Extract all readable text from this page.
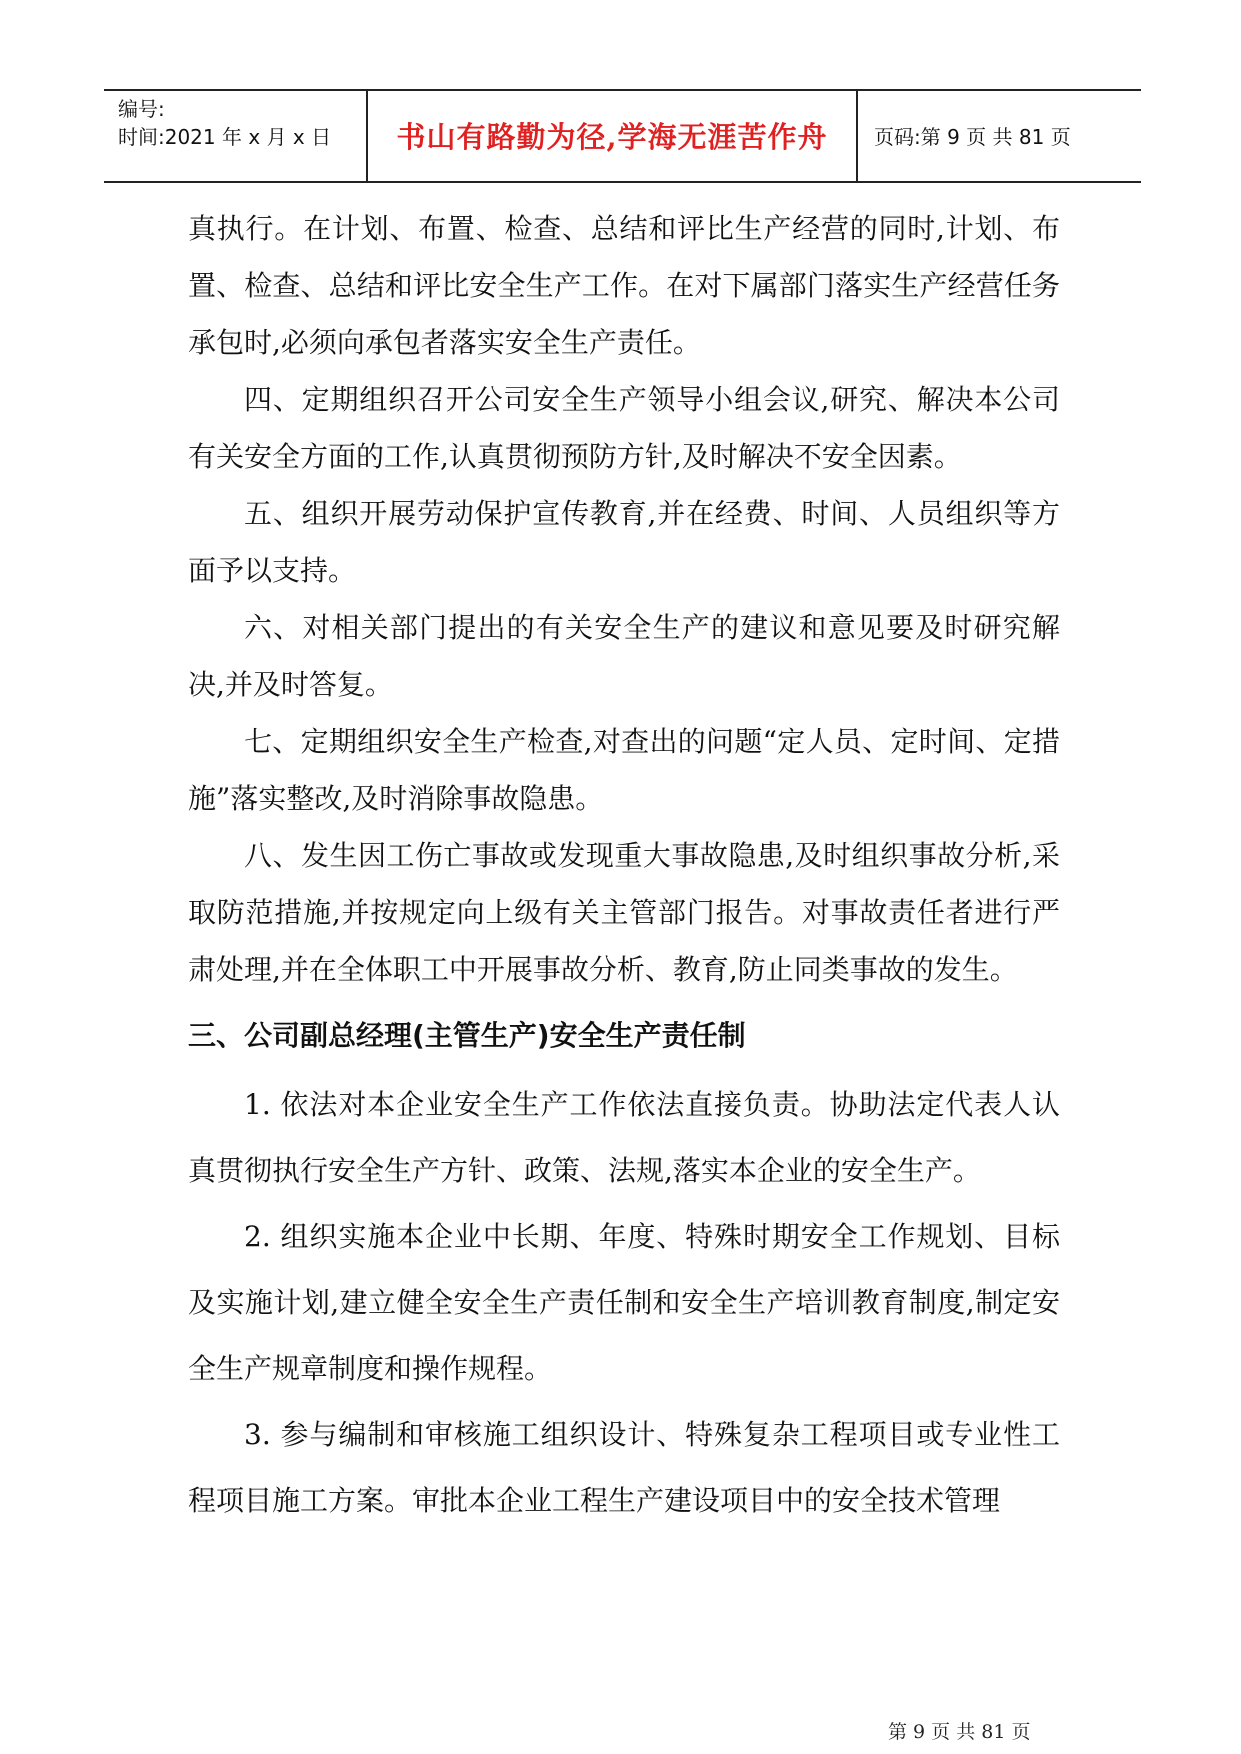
编号:
时间:2021 年 x 月 x 日	书山有路勤为径,学海无涯苦作舟	页码:第 9 页 共 81 页

真执行。在计划、布置、检查、总结和评比生产经营的同时,计划、布置、检查、总结和评比安全生产工作。在对下属部门落实生产经营任务承包时,必须向承包者落实安全生产责任。

四、定期组织召开公司安全生产领导小组会议,研究、解决本公司有关安全方面的工作,认真贯彻预防方针,及时解决不安全因素。

五、组织开展劳动保护宣传教育,并在经费、时间、人员组织等方面予以支持。

六、对相关部门提出的有关安全生产的建议和意见要及时研究解决,并及时答复。

七、定期组织安全生产检查,对查出的问题“定人员、定时间、定措施”落实整改,及时消除事故隐患。

八、发生因工伤亡事故或发现重大事故隐患,及时组织事故分析,采取防范措施,并按规定向上级有关主管部门报告。对事故责任者进行严肃处理,并在全体职工中开展事故分析、教育,防止同类事故的发生。

三、公司副总经理(主管生产)安全生产责任制

1. 依法对本企业安全生产工作依法直接负责。协助法定代表人认真贯彻执行安全生产方针、政策、法规,落实本企业的安全生产。

2. 组织实施本企业中长期、年度、特殊时期安全工作规划、目标及实施计划,建立健全安全生产责任制和安全生产培训教育制度,制定安全生产规章制度和操作规程。

3. 参与编制和审核施工组织设计、特殊复杂工程项目或专业性工程项目施工方案。审批本企业工程生产建设项目中的安全技术管理

第 9 页 共 81 页
